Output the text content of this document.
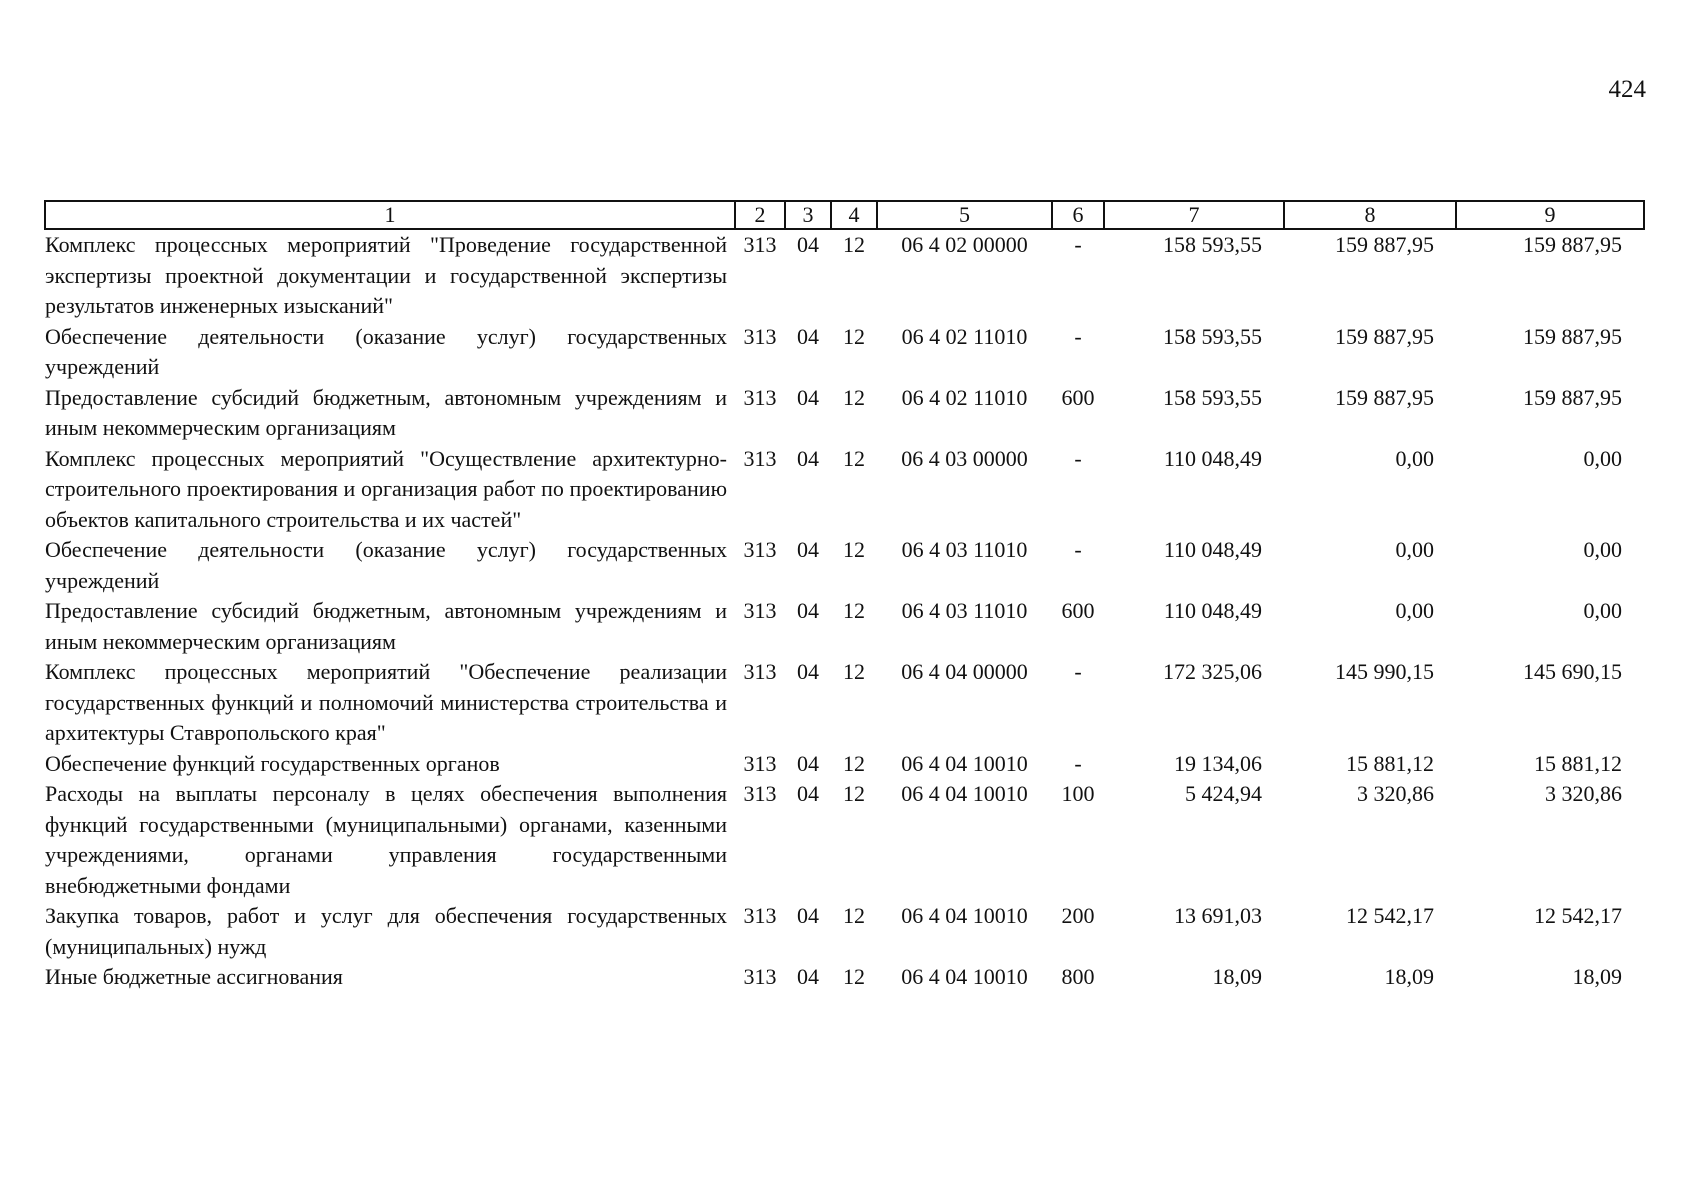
424
1	2	3	4	5	6	7	8	9
Комплекс процессных мероприятий "Проведение государственной экспертизы проектной документации и государственной экспертизы результатов инженерных изысканий"	313	04	12	06 4 02 00000	-	158 593,55	159 887,95	159 887,95
Обеспечение деятельности (оказание услуг) государственных учреждений	313	04	12	06 4 02 11010	-	158 593,55	159 887,95	159 887,95
Предоставление субсидий бюджетным, автономным учреждениям и иным некоммерческим организациям	313	04	12	06 4 02 11010	600	158 593,55	159 887,95	159 887,95
Комплекс процессных мероприятий "Осуществление архитектурно-строительного проектирования и организация работ по проектированию объектов капитального строительства и их частей"	313	04	12	06 4 03 00000	-	110 048,49	0,00	0,00
Обеспечение деятельности (оказание услуг) государственных учреждений	313	04	12	06 4 03 11010	-	110 048,49	0,00	0,00
Предоставление субсидий бюджетным, автономным учреждениям и иным некоммерческим организациям	313	04	12	06 4 03 11010	600	110 048,49	0,00	0,00
Комплекс процессных мероприятий "Обеспечение реализации государственных функций и полномочий министерства строительства и архитектуры Ставропольского края"	313	04	12	06 4 04 00000	-	172 325,06	145 990,15	145 690,15
Обеспечение функций государственных органов	313	04	12	06 4 04 10010	-	19 134,06	15 881,12	15 881,12
Расходы на выплаты персоналу в целях обеспечения выполнения функций государственными (муниципальными) органами, казенными учреждениями, органами управления государственными внебюджетными фондами	313	04	12	06 4 04 10010	100	5 424,94	3 320,86	3 320,86
Закупка товаров, работ и услуг для обеспечения государственных (муниципальных) нужд	313	04	12	06 4 04 10010	200	13 691,03	12 542,17	12 542,17
Иные бюджетные ассигнования	313	04	12	06 4 04 10010	800	18,09	18,09	18,09
